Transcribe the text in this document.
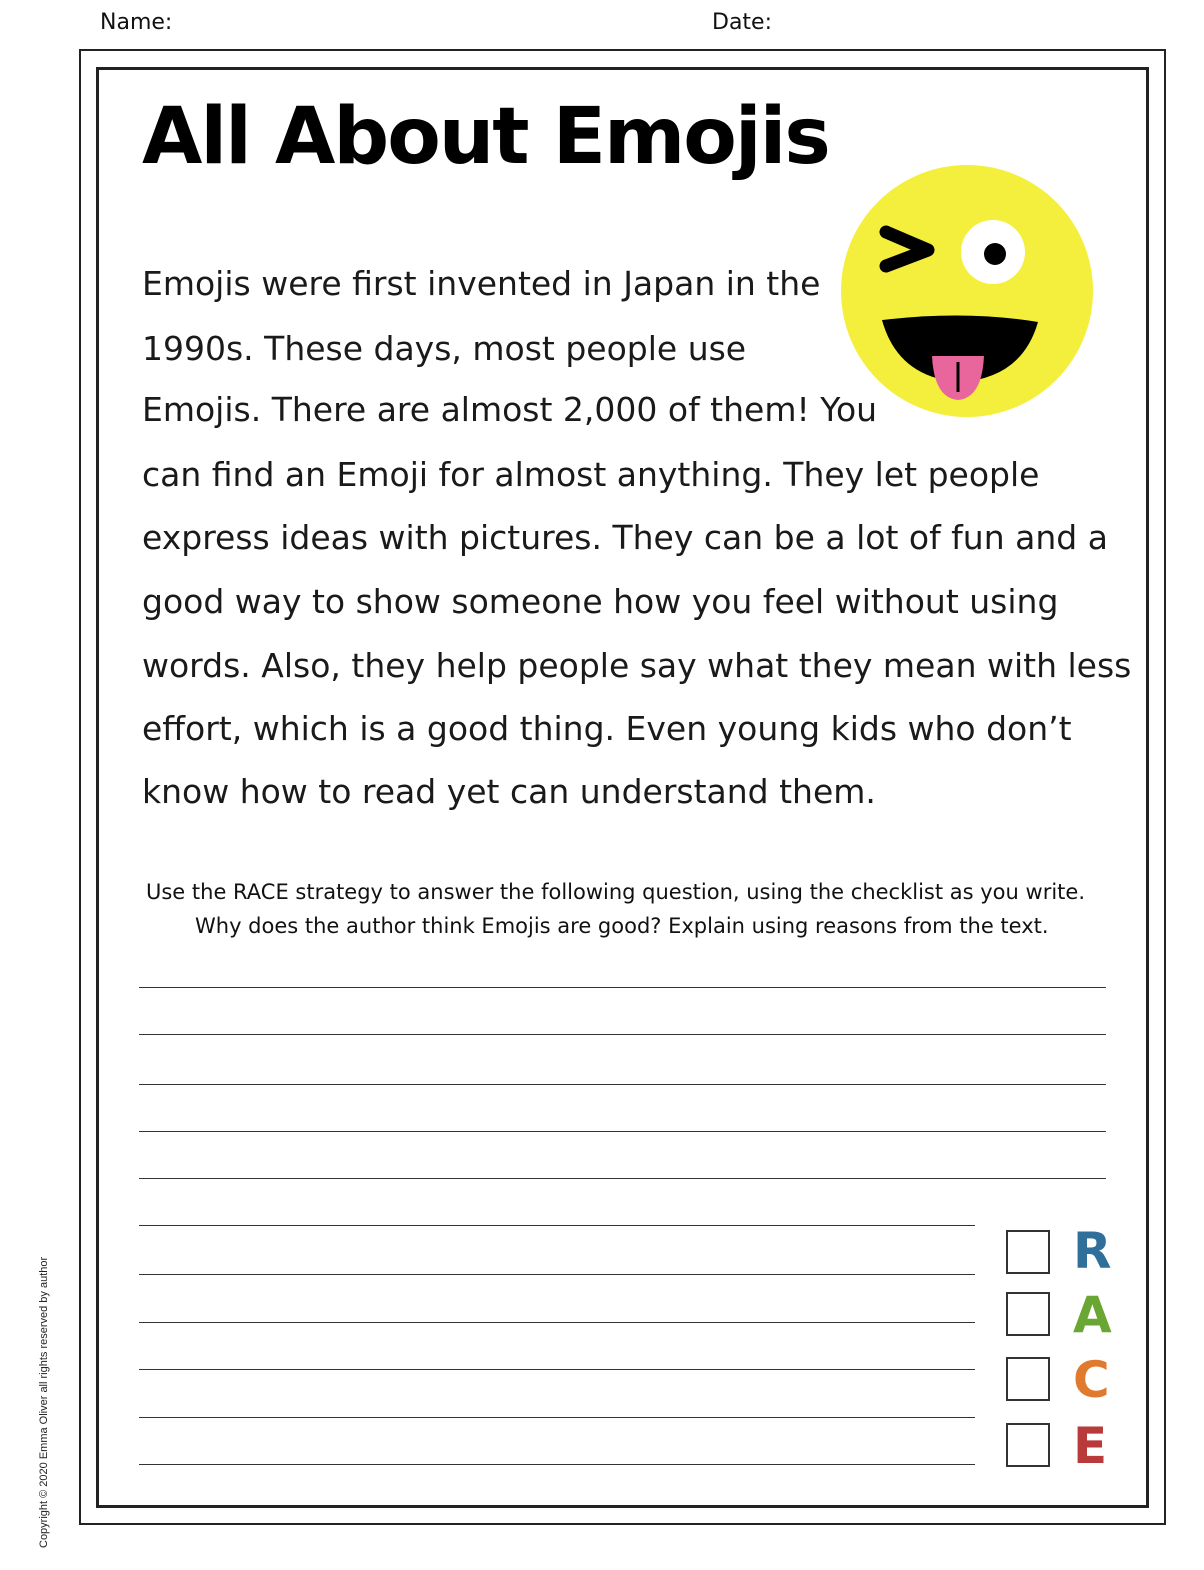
Name:	Date:
All About Emojis
Emojis were first invented in Japan in the
1990s. These days, most people use
Emojis. There are almost 2,000 of them! You
can find an Emoji for almost anything. They let people
express ideas with pictures. They can be a lot of fun and a
good way to show someone how you feel without using
words. Also, they help people say what they mean with less
effort, which is a good thing. Even young kids who don’t
know how to read yet can understand them.
Use the RACE strategy to answer the following question, using the checklist as you write.
Why does the author think Emojis are good? Explain using reasons from the text.
R
A
C
E
Copyright © 2020 Emma Oliver all rights reserved by author
